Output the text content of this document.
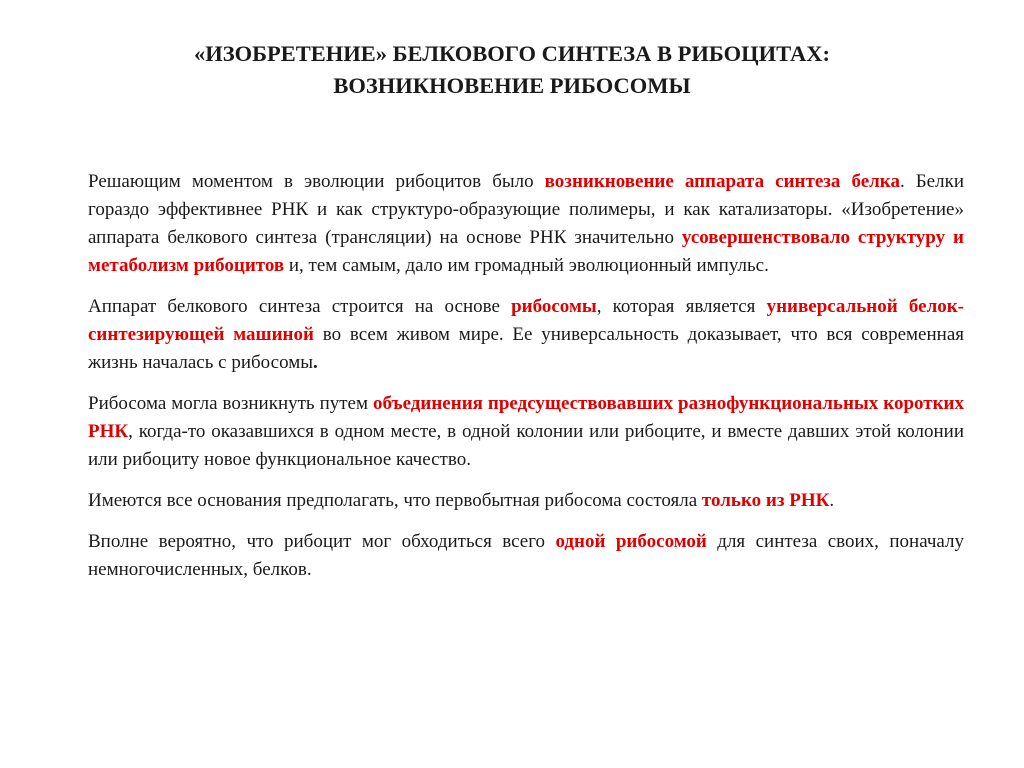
«ИЗОБРЕТЕНИЕ» БЕЛКОВОГО СИНТЕЗА В РИБОЦИТАХ:
ВОЗНИКНОВЕНИЕ РИБОСОМЫ

Решающим моментом в эволюции рибоцитов было возникновение аппарата синтеза белка. Белки гораздо эффективнее РНК и как структуро-образующие полимеры, и как катализаторы. «Изобретение» аппарата белкового синтеза (трансляции) на основе РНК значительно усовершенствовало структуру и метаболизм рибоцитов и, тем самым, дало им громадный эволюционный импульс.

Аппарат белкового синтеза строится на основе рибосомы, которая является универсальной белок-синтезирующей машиной во всем живом мире. Ее универсальность доказывает, что вся современная жизнь началась с рибосомы.

Рибосома могла возникнуть путем объединения предсуществовавших разнофункциональных коротких РНК, когда-то оказавшихся в одном месте, в одной колонии или рибоците, и вместе давших этой колонии или рибоциту новое функциональное качество.

Имеются все основания предполагать, что первобытная рибосома состояла только из РНК.

Вполне вероятно, что рибоцит мог обходиться всего одной рибосомой для синтеза своих, поначалу немногочисленных, белков.
